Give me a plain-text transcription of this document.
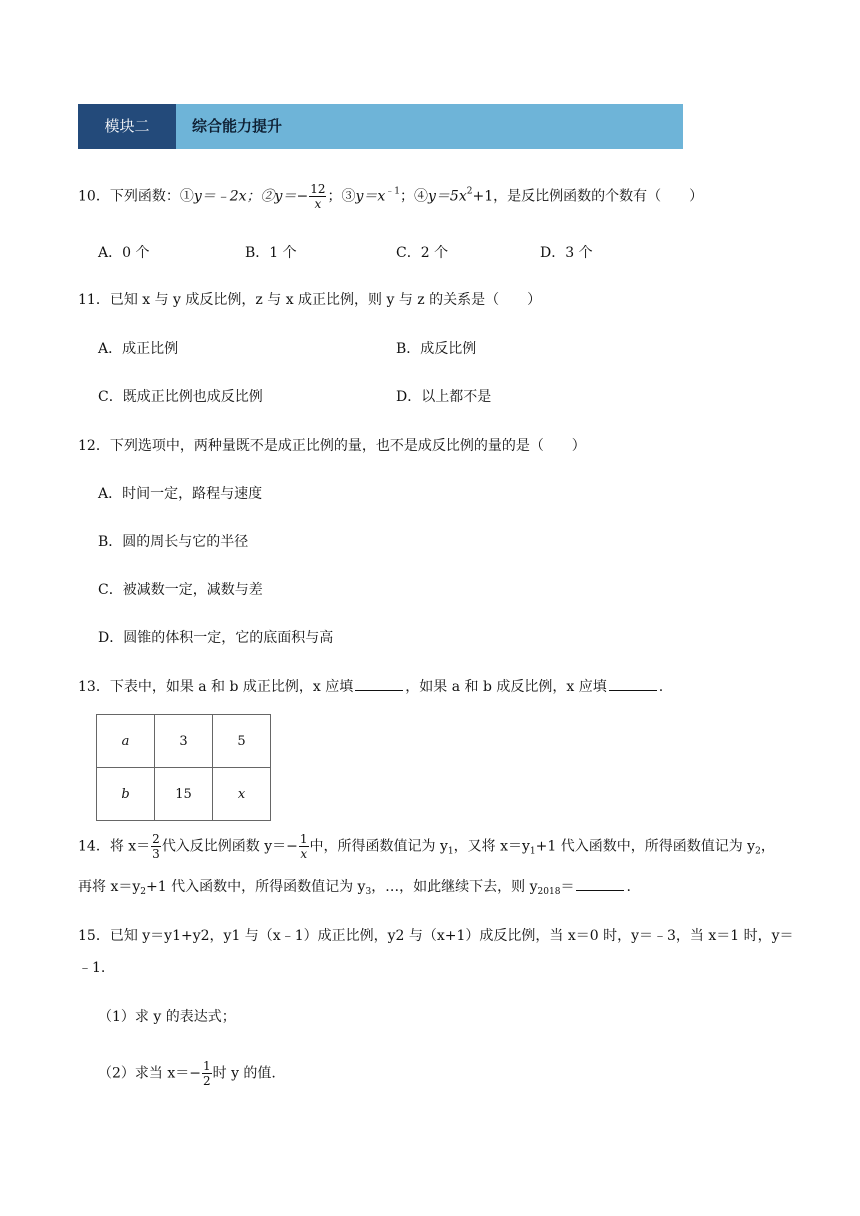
模块二	综合能力提升
10．下列函数：①y＝﹣2x；②y＝− $\frac{12}{x}$ ；$③y=x^{﹣1}$；$④y=5x^2+1$，是反比例函数的个数有（　　）
A．0 个	B．1 个	C．2 个	D．3 个
11．已知 x 与 y 成反比例，z 与 x 成正比例，则 y 与 z 的关系是（　　）
A．成正比例	B．成反比例
C．既成正比例也成反比例	D．以上都不是
12．下列选项中，两种量既不是成正比例的量，也不是成反比例的量的是（　　）
A．时间一定，路程与速度
B．圆的周长与它的半径
C．被减数一定，减数与差
D．圆锥的体积一定，它的底面积与高
13．下表中，如果 a 和 b 成正比例，x 应填	，如果 a 和 b 成反比例，x 应填	.
a	3	5
b	15	x
14．将 $x= \frac{2}{3}$ 代入反比例函数 $y=- \frac{1}{x}$ 中，所得函数值记为 $y_1$，又将 $x=y_1+1$ 代入函数中，所得函数值记为 $y_2$，
再将 $x=y_2+1$ 代入函数中，所得函数值记为 $y_3$，…，如此继续下去，则 $y_{2018}=$	.
15．已知 y＝y1+y2，y1 与（x﹣1）成正比例，y2 与（x+1）成反比例，当 x＝0 时，y＝﹣3，当 x＝1 时，y＝
﹣1.
（1）求 y 的表达式；
（2）求当 $x=- \frac{1}{2}$ 时 y 的值.
